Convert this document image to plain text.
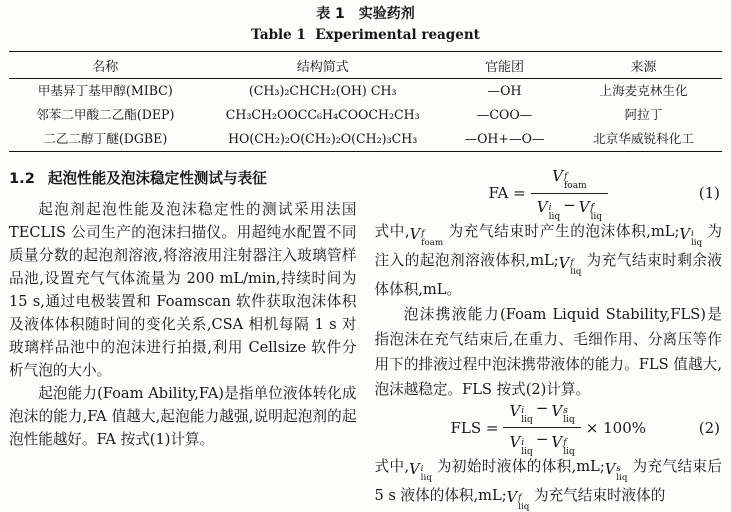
表 1　实验药剂
Table 1  Experimental reagent
名称	结构简式	官能团	来源
甲基异丁基甲醇(MIBC)	(CH₃)₂CHCH₂(OH) CH₃	—OH	上海麦克林生化
邻苯二甲酸二乙酯(DEP)	CH₃CH₂OOCC₆H₄COOCH₂CH₃	—COO—	阿拉丁
二乙二醇丁醚(DGBE)	HO(CH₂)₂O(CH₂)₂O(CH₂)₃CH₃	—OH+—O—	北京华威锐科化工
1.2 起泡性能及泡沫稳定性测试与表征

起泡剂起泡性能及泡沫稳定性的测试采用法国 TECLIS 公司生产的泡沫扫描仪。用超纯水配置不同质量分数的起泡剂溶液,将溶液用注射器注入玻璃管样品池,设置充气气体流量为 200 mL/min,持续时间为 15 s,通过电极装置和 Foamscan 软件获取泡沫体积及液体体积随时间的变化关系,CSA 相机每隔 1 s 对玻璃样品池中的泡沫进行拍摄,利用 Cellsize 软件分析气泡的大小。

起泡能力(Foam Ability,FA)是指单位液体转化成泡沫的能力,FA 值越大,起泡能力越强,说明起泡剂的起泡性能越好。FA 按式(1)计算。

FA = V f
foam
V i
liq
− V f
liq	(1)

式中,V f
foam
为充气结束时产生的泡沫体积,mL;V i
liq
为注入的起泡剂溶液体积,mL;V f
liq
为充气结束时剩余液体体积,mL。

泡沫携液能力(Foam Liquid Stability,FLS)是指泡沫在充气结束后,在重力、毛细作用、分离压等作用下的排液过程中泡沫携带液体的能力。FLS 值越大,泡沫越稳定。FLS 按式(2)计算。

FLS = V i
liq
− V s
liq
V i
liq
− V f
liq × 100%	(2)

式中,V i
liq
为初始时液体的体积,mL;V s
liq
为充气结束后 5 s 液体的体积,mL;V f
liq
为充气结束时液体的
